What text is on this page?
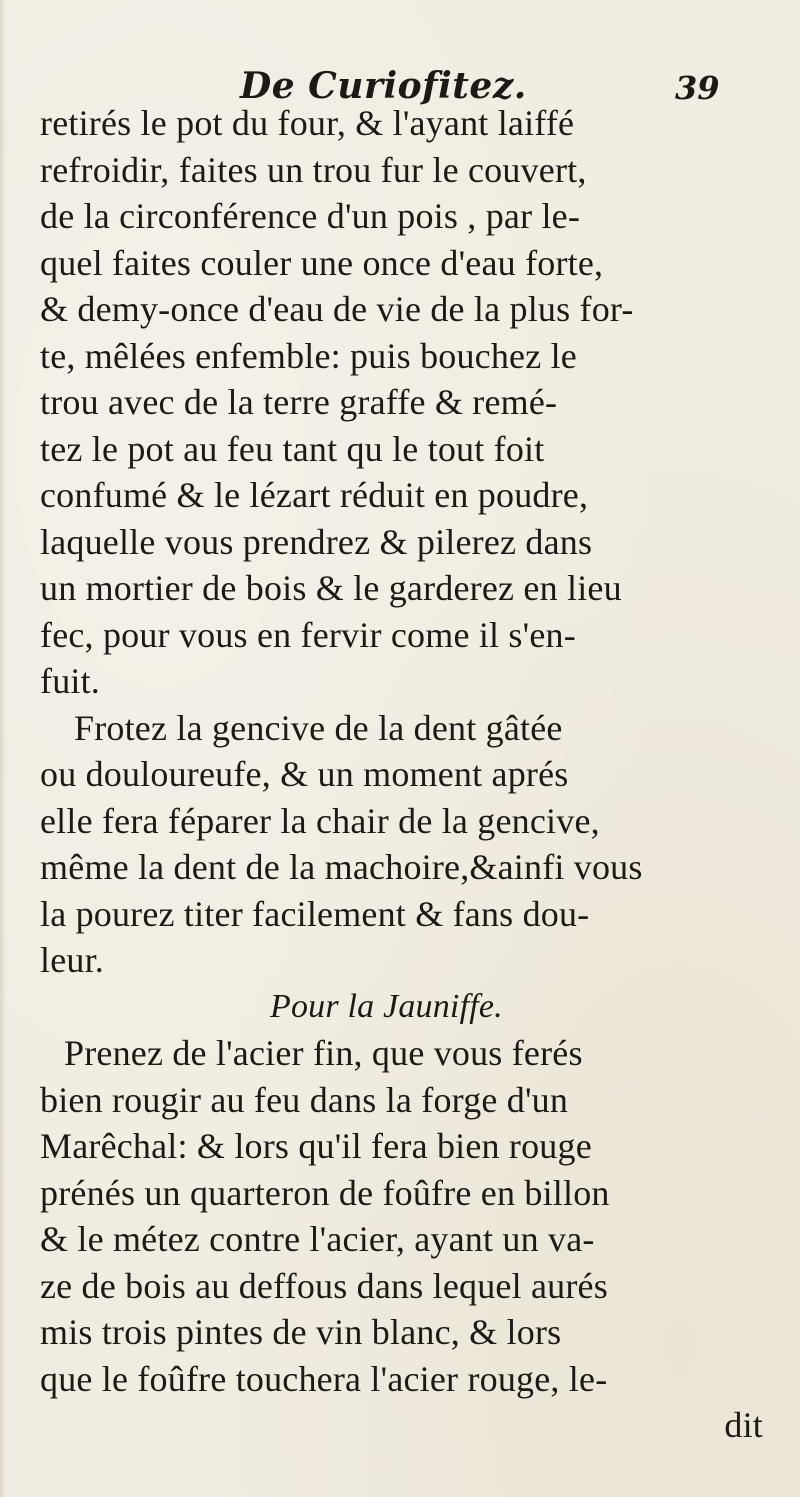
De Curiofitez.	39
retirés le pot du four, & l'ayant laiffé
refroidir, faites un trou fur le couvert,
de la circonférence d'un pois , par le-
quel faites couler une once d'eau forte,
& demy-once d'eau de vie de la plus for-
te, mêlées enfemble: puis bouchez le
trou avec de la terre graffe & remé-
tez le pot au feu tant qu le tout foit
confumé & le lézart réduit en poudre,
laquelle vous prendrez & pilerez dans
un mortier de bois & le garderez en lieu
fec, pour vous en fervir come il s'en-
fuit.
Frotez la gencive de la dent gâtée
ou douloureufe, & un moment aprés
elle fera féparer la chair de la gencive,
même la dent de la machoire,&ainfi vous
la pourez titer facilement & fans dou-
leur.
Pour la Jauniffe.
Prenez de l'acier fin, que vous ferés
bien rougir au feu dans la forge d'un
Marêchal: & lors qu'il fera bien rouge
prénés un quarteron de foûfre en billon
& le métez contre l'acier, ayant un va-
ze de bois au deffous dans lequel aurés
mis trois pintes de vin blanc, & lors
que le foûfre touchera l'acier rouge, le-
dit
